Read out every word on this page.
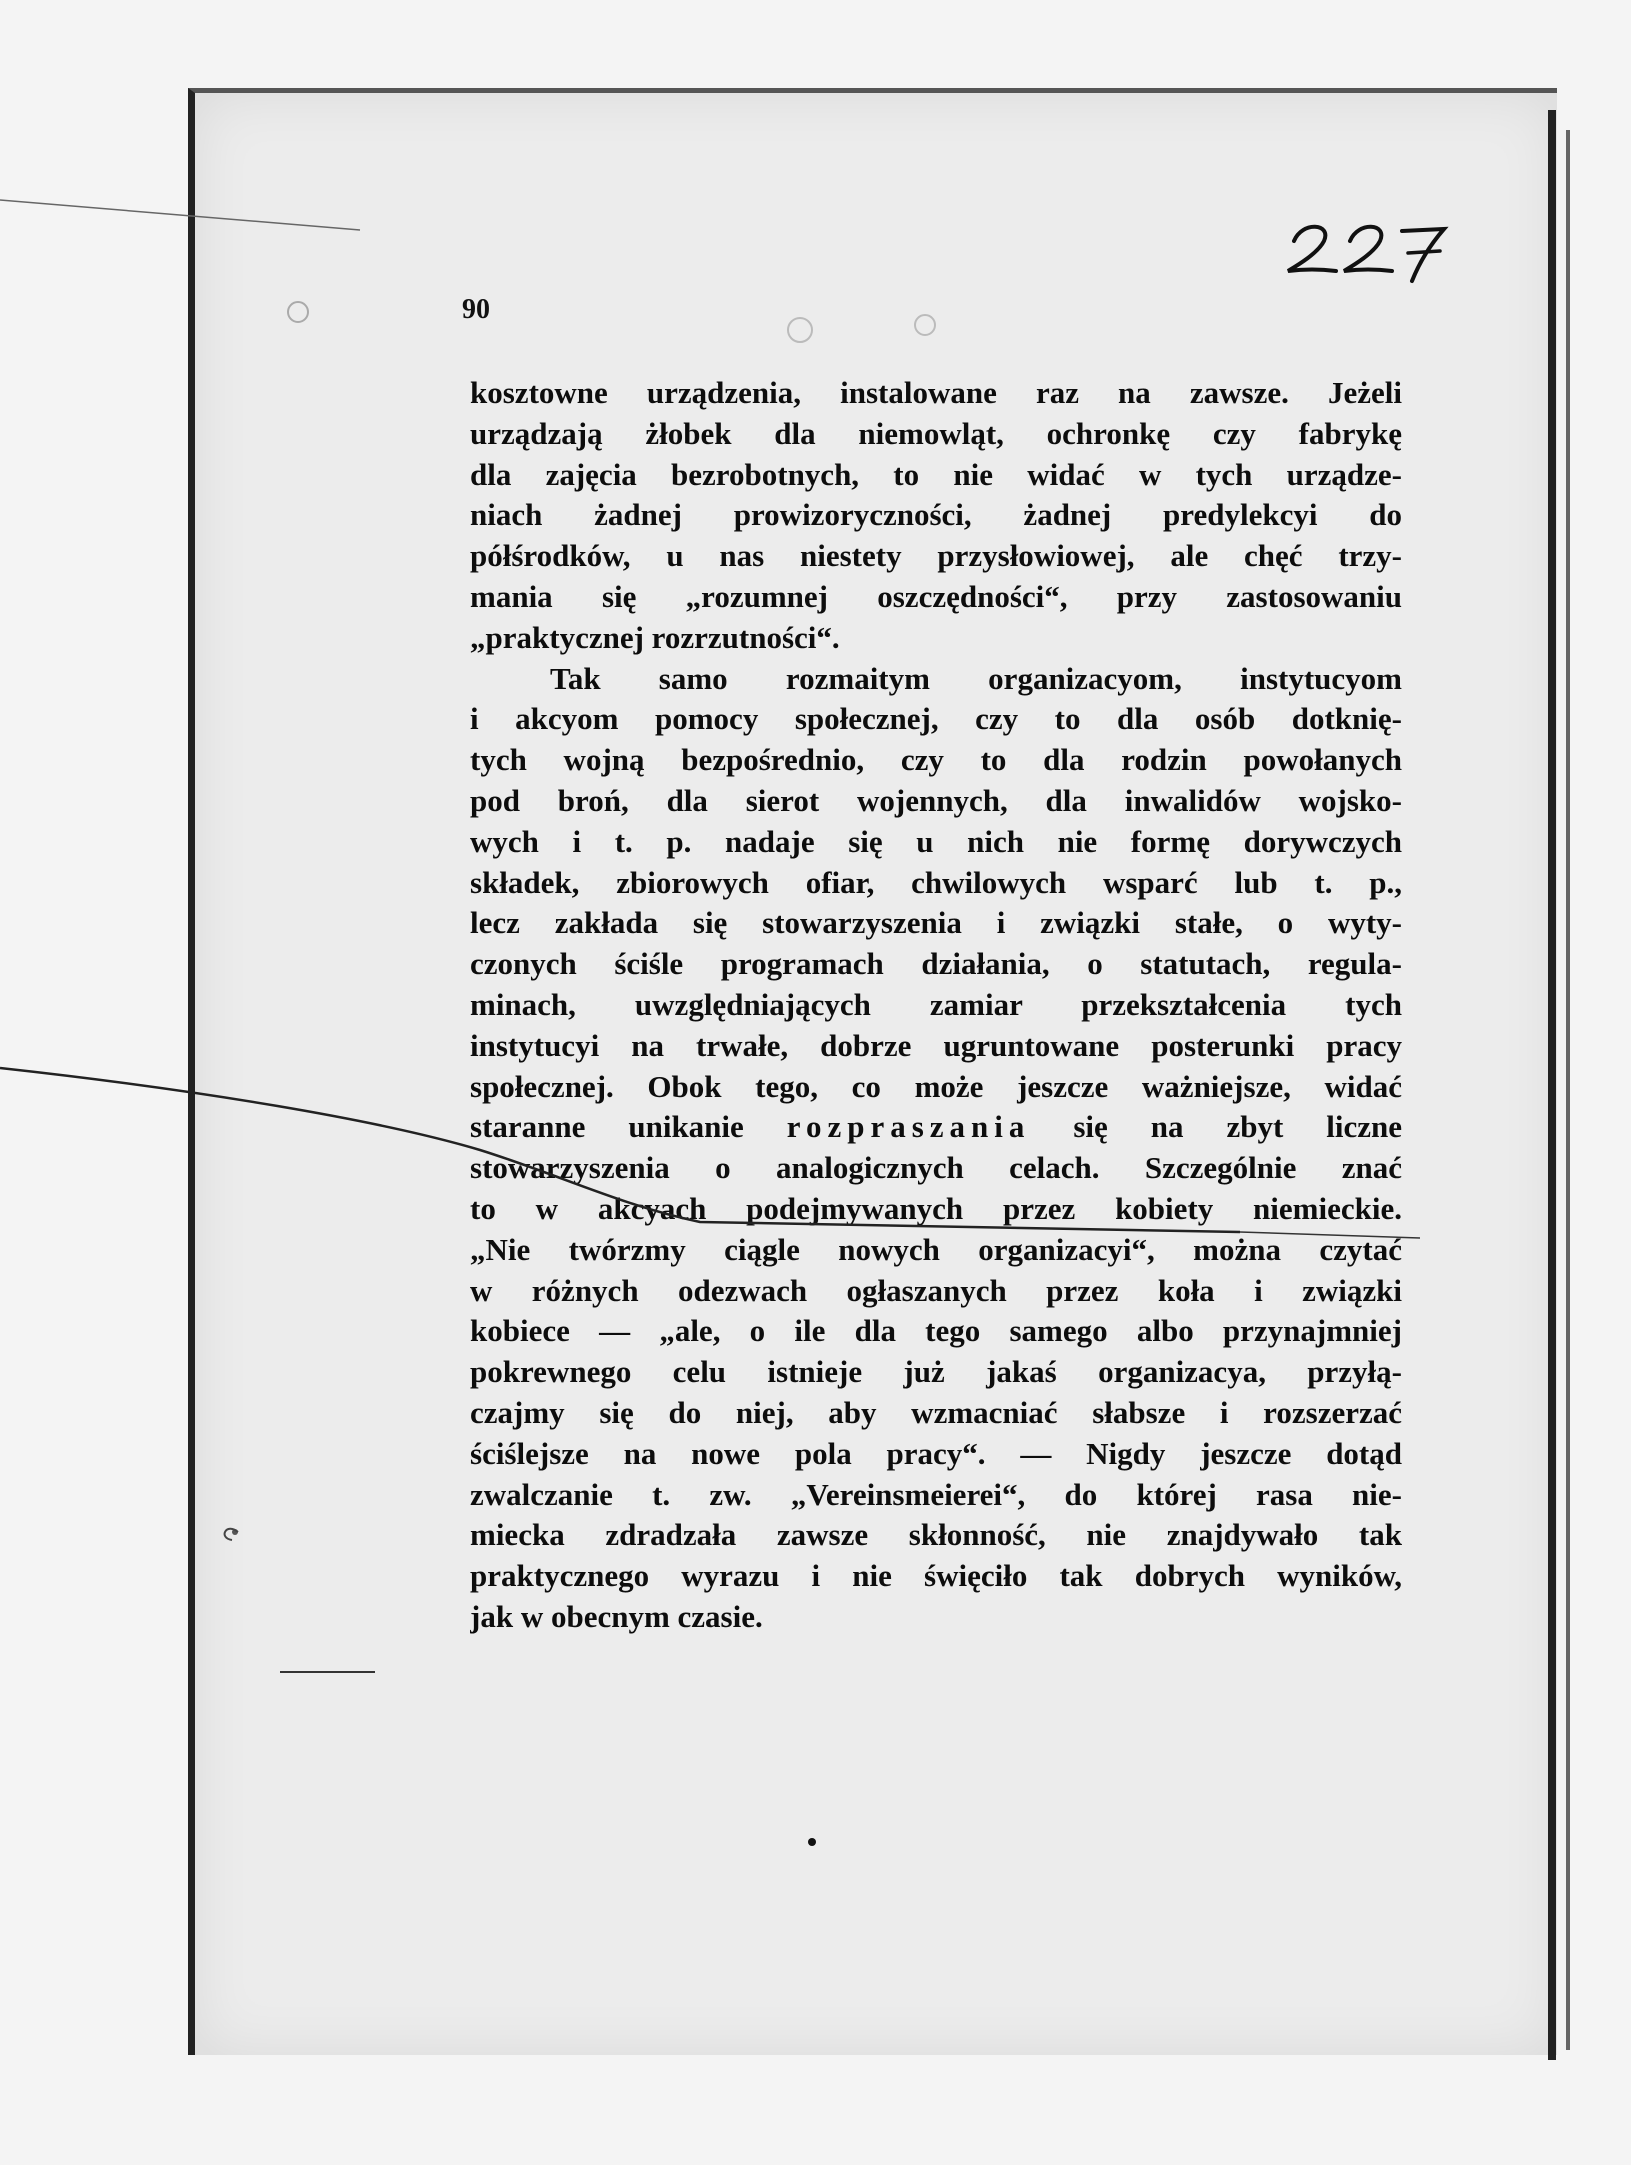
90
kosztowne urządzenia, instalowane raz na zawsze. Jeżeli
urządzają żłobek dla niemowląt, ochronkę czy fabrykę
dla zajęcia bezrobotnych, to nie widać w tych urządze-
niach żadnej prowizoryczności, żadnej predylekcyi do
półśrodków, u nas niestety przysłowiowej, ale chęć trzy-
mania się „rozumnej oszczędności“, przy zastosowaniu
„praktycznej rozrzutności“.
Tak samo rozmaitym organizacyom, instytucyom
i akcyom pomocy społecznej, czy to dla osób dotknię-
tych wojną bezpośrednio, czy to dla rodzin powołanych
pod broń, dla sierot wojennych, dla inwalidów wojsko-
wych i t. p. nadaje się u nich nie formę dorywczych
składek, zbiorowych ofiar, chwilowych wsparć lub t. p.,
lecz zakłada się stowarzyszenia i związki stałe, o wyty-
czonych ściśle programach działania, o statutach, regula-
minach, uwzględniających zamiar przekształcenia tych
instytucyi na trwałe, dobrze ugruntowane posterunki pracy
społecznej. Obok tego, co może jeszcze ważniejsze, widać
staranne unikanie rozpraszania się na zbyt liczne
stowarzyszenia o analogicznych celach. Szczególnie znać
to w akcyach podejmywanych przez kobiety niemieckie.
„Nie twórzmy ciągle nowych organizacyi“, można czytać
w różnych odezwach ogłaszanych przez koła i związki
kobiece — „ale, o ile dla tego samego albo przynajmniej
pokrewnego celu istnieje już jakaś organizacya, przyłą-
czajmy się do niej, aby wzmacniać słabsze i rozszerzać
ściślejsze na nowe pola pracy“. — Nigdy jeszcze dotąd
zwalczanie t. zw. „Vereinsmeierei“, do której rasa nie-
miecka zdradzała zawsze skłonność, nie znajdywało tak
praktycznego wyrazu i nie święciło tak dobrych wyników,
jak w obecnym czasie.
